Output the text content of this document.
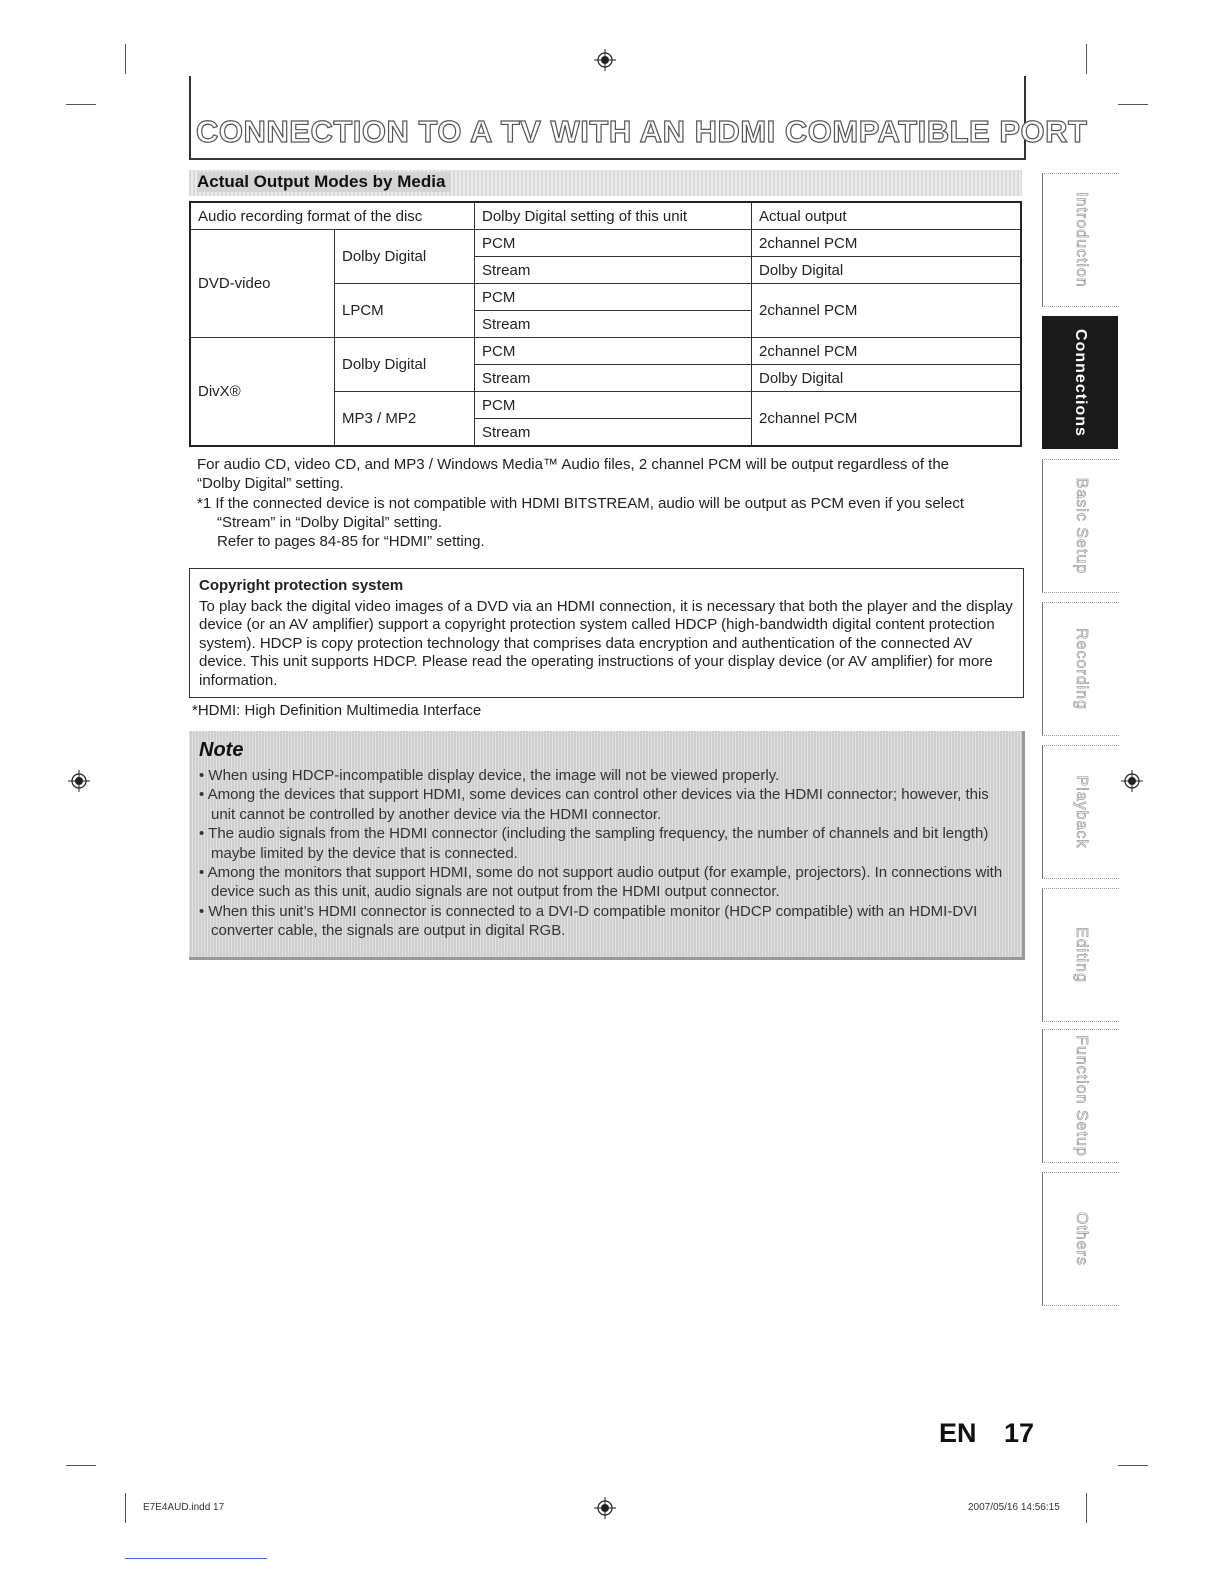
CONNECTION TO A TV WITH AN HDMI COMPATIBLE PORT
Actual Output Modes by Media
Audio recording format of the disc		Dolby Digital setting of this unit	Actual output
DVD-video	Dolby Digital	PCM	2channel PCM
		Stream	Dolby Digital
	LPCM	PCM	2channel PCM
		Stream	
DivX®	Dolby Digital	PCM	2channel PCM
		Stream	Dolby Digital
	MP3 / MP2	PCM	2channel PCM
		Stream	
For audio CD, video CD, and MP3 / Windows Media™ Audio files, 2 channel PCM will be output regardless of the
“Dolby Digital” setting.
*1 If the connected device is not compatible with HDMI BITSTREAM, audio will be output as PCM even if you select
“Stream” in “Dolby Digital” setting.
Refer to pages 84-85 for “HDMI” setting.
Copyright protection system
To play back the digital video images of a DVD via an HDMI connection, it is necessary that both the player and the display device (or an AV amplifier) support a copyright protection system called HDCP (high-bandwidth digital content protection system). HDCP is copy protection technology that comprises data encryption and authentication of the connected AV device. This unit supports HDCP. Please read the operating instructions of your display device (or AV amplifier) for more information.
*HDMI: High Definition Multimedia Interface
Note
• When using HDCP-incompatible display device, the image will not be viewed properly.
• Among the devices that support HDMI, some devices can control other devices via the HDMI connector; however, this unit cannot be controlled by another device via the HDMI connector.
• The audio signals from the HDMI connector (including the sampling frequency, the number of channels and bit length) maybe limited by the device that is connected.
• Among the monitors that support HDMI, some do not support audio output (for example, projectors). In connections with device such as this unit, audio signals are not output from the HDMI output connector.
• When this unit’s HDMI connector is connected to a DVI-D compatible monitor (HDCP compatible) with an HDMI-DVI converter cable, the signals are output in digital RGB.
Introduction
Connections
Basic Setup
Recording
Playback
Editing
Function Setup
Others
EN 17
E7E4AUD.indd 17	2007/05/16 14:56:15
